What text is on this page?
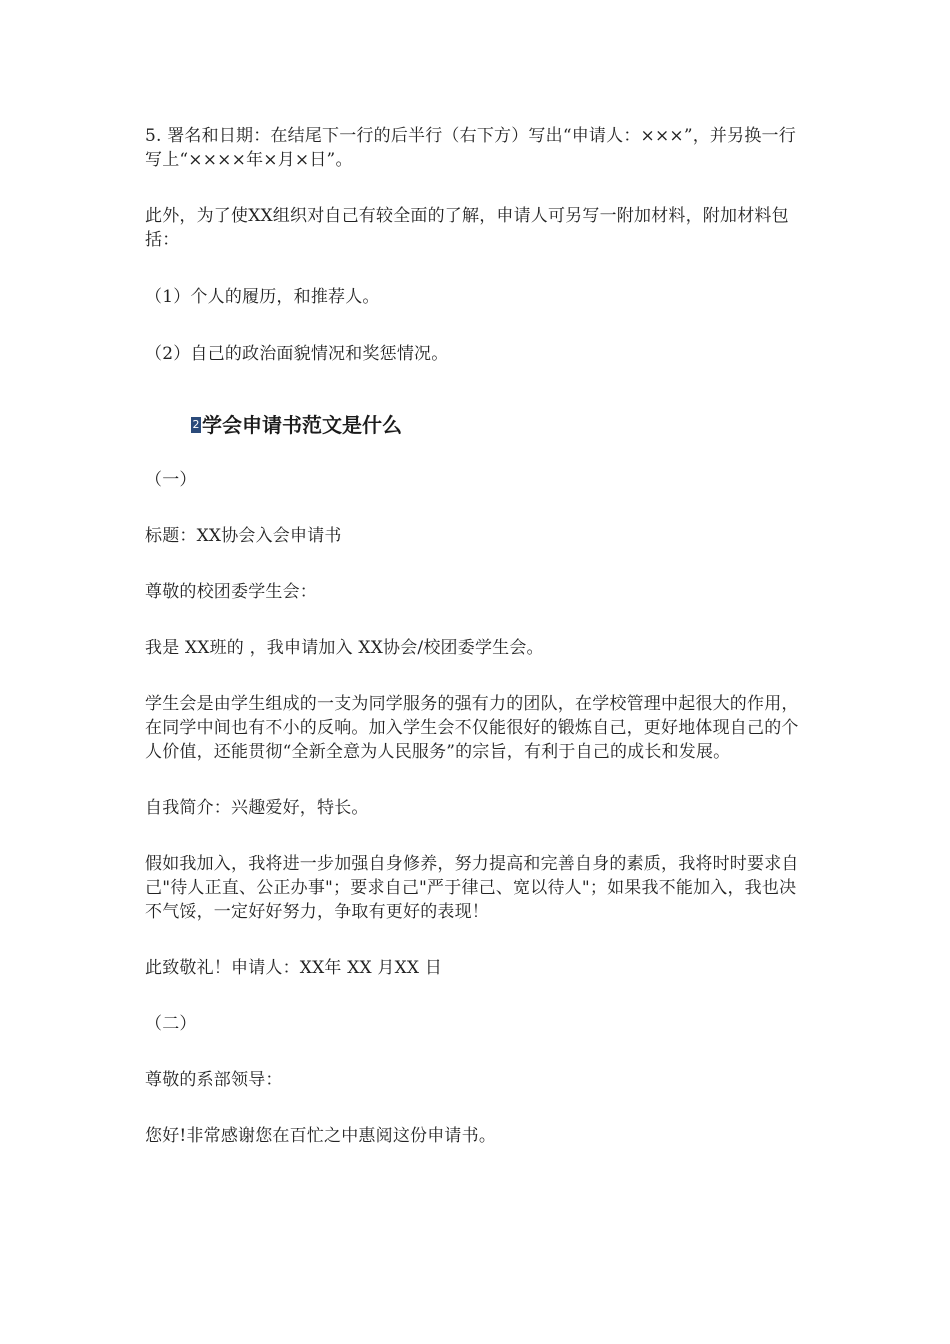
5. 署名和日期：在结尾下一行的后半行（右下方）写出“申请人：×××”，并另换一行写上“××××年×月×日”。

此外，为了使XX组织对自己有较全面的了解，申请人可另写一附加材料，附加材料包括：

（1）个人的履历，和推荐人。

（2）自己的政治面貌情况和奖惩情况。

2 学会申请书范文是什么

（一）

标题：XX协会入会申请书

尊敬的校团委学生会：

我是 XX班的 ，我申请加入 XX协会/校团委学生会。

学生会是由学生组成的一支为同学服务的强有力的团队，在学校管理中起很大的作用，在同学中间也有不小的反响。加入学生会不仅能很好的锻炼自己，更好地体现自己的个人价值，还能贯彻“全新全意为人民服务”的宗旨，有利于自己的成长和发展。

自我简介：兴趣爱好，特长。

假如我加入，我将进一步加强自身修养，努力提高和完善自身的素质，我将时时要求自己"待人正直、公正办事"；要求自己"严于律己、宽以待人"；如果我不能加入，我也决不气馁，一定好好努力，争取有更好的表现！

此致敬礼！申请人：XX年 XX 月XX 日

（二）

尊敬的系部领导：

您好!非常感谢您在百忙之中惠阅这份申请书。
